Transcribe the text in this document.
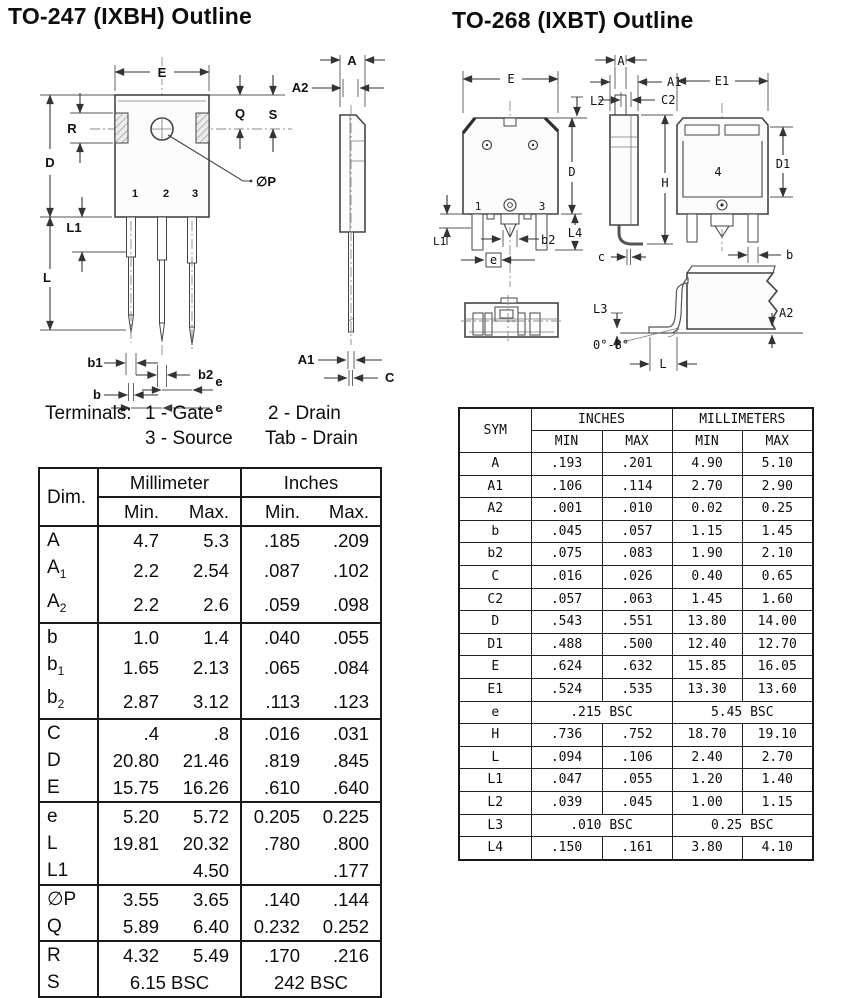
TO-247 (IXBH) Outline	TO-268 (IXBT) Outline
1 2 3
E
D
R
L1
L
Q S
∅P
b1
b2 e
b
e
A
A2
A1
C
Terminals: 1 - Gate	2 - Drain
3 - Source Tab - Drain
Dim.	Millimeter		Inches	
	Min.	Max.	Min.	Max.
A	4.7	5.3	.185	.209
$A_1$	2.2	2.54	.087	.102
$A_2$	2.2	2.6	.059	.098
b	1.0	1.4	.040	.055
$b_1$	1.65	2.13	.065	.084
$b_2$	2.87	3.12	.113	.123
C	.4	.8	.016	.031
D	20.80	21.46	.819	.845
E	15.75	16.26	.610	.640
e	5.20	5.72	0.205	0.225
L	19.81	20.32	.780	.800
L1		4.50		.177
∅P	3.55	3.65	.140	.144
Q	5.89	6.40	0.232	0.252
R	4.32	5.49	.170	.216
S	6.15 BSC		242 BSC	
1	3
E
L2
D
L4
L1	b2
e
A
A1
C2
H
c
4
E1
D1
b
L3
0°-8°
L
A2
SYM	INCHES		MILLIMETERS	
	MIN	MAX	MIN	MAX
A	.193	.201	4.90	5.10
A1	.106	.114	2.70	2.90
A2	.001	.010	0.02	0.25
b	.045	.057	1.15	1.45
b2	.075	.083	1.90	2.10
C	.016	.026	0.40	0.65
C2	.057	.063	1.45	1.60
D	.543	.551	13.80	14.00
D1	.488	.500	12.40	12.70
E	.624	.632	15.85	16.05
E1	.524	.535	13.30	13.60
e	.215 BSC		5.45 BSC	
H	.736	.752	18.70	19.10
L	.094	.106	2.40	2.70
L1	.047	.055	1.20	1.40
L2	.039	.045	1.00	1.15
L3	.010 BSC		0.25 BSC	
L4	.150	.161	3.80	4.10
